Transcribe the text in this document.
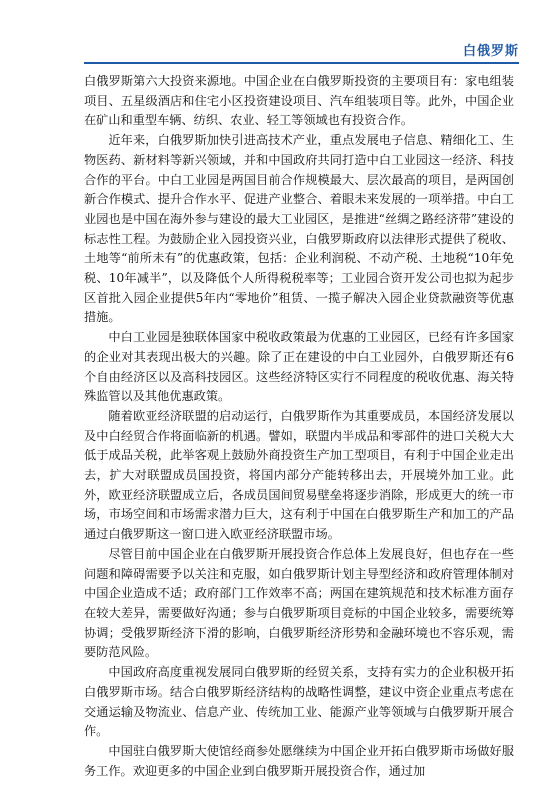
白俄罗斯

白俄罗斯第六大投资来源地。中国企业在白俄罗斯投资的主要项目有：家电组装项目、五星级酒店和住宅小区投资建设项目、汽车组装项目等。此外，中国企业在矿山和重型车辆、纺织、农业、轻工等领域也有投资合作。

近年来，白俄罗斯加快引进高技术产业，重点发展电子信息、精细化工、生物医药、新材料等新兴领域，并和中国政府共同打造中白工业园这一经济、科技合作的平台。中白工业园是两国目前合作规模最大、层次最高的项目，是两国创新合作模式、提升合作水平、促进产业整合、着眼未来发展的一项举措。中白工业园也是中国在海外参与建设的最大工业园区，是推进“丝绸之路经济带”建设的标志性工程。为鼓励企业入园投资兴业，白俄罗斯政府以法律形式提供了税收、土地等“前所未有”的优惠政策，包括：企业利润税、不动产税、土地税“10年免税、10年减半”，以及降低个人所得税税率等；工业园合资开发公司也拟为起步区首批入园企业提供5年内“零地价”租赁、一揽子解决入园企业贷款融资等优惠措施。

中白工业园是独联体国家中税收政策最为优惠的工业园区，已经有许多国家的企业对其表现出极大的兴趣。除了正在建设的中白工业园外，白俄罗斯还有6个自由经济区以及高科技园区。这些经济特区实行不同程度的税收优惠、海关特殊监管以及其他优惠政策。

随着欧亚经济联盟的启动运行，白俄罗斯作为其重要成员，本国经济发展以及中白经贸合作将面临新的机遇。譬如，联盟内半成品和零部件的进口关税大大低于成品关税，此举客观上鼓励外商投资生产加工型项目，有利于中国企业走出去，扩大对联盟成员国投资，将国内部分产能转移出去，开展境外加工业。此外，欧亚经济联盟成立后，各成员国间贸易壁垒将逐步消除，形成更大的统一市场，市场空间和市场需求潜力巨大，这有利于中国在白俄罗斯生产和加工的产品通过白俄罗斯这一窗口进入欧亚经济联盟市场。

尽管目前中国企业在白俄罗斯开展投资合作总体上发展良好，但也存在一些问题和障碍需要予以关注和克服，如白俄罗斯计划主导型经济和政府管理体制对中国企业造成不适；政府部门工作效率不高；两国在建筑规范和技术标准方面存在较大差异，需要做好沟通；参与白俄罗斯项目竞标的中国企业较多，需要统筹协调；受俄罗斯经济下滑的影响，白俄罗斯经济形势和金融环境也不容乐观，需要防范风险。

中国政府高度重视发展同白俄罗斯的经贸关系，支持有实力的企业积极开拓白俄罗斯市场。结合白俄罗斯经济结构的战略性调整，建议中资企业重点考虑在交通运输及物流业、信息产业、传统加工业、能源产业等领域与白俄罗斯开展合作。

中国驻白俄罗斯大使馆经商参处愿继续为中国企业开拓白俄罗斯市场做好服务工作。欢迎更多的中国企业到白俄罗斯开展投资合作，通过加
